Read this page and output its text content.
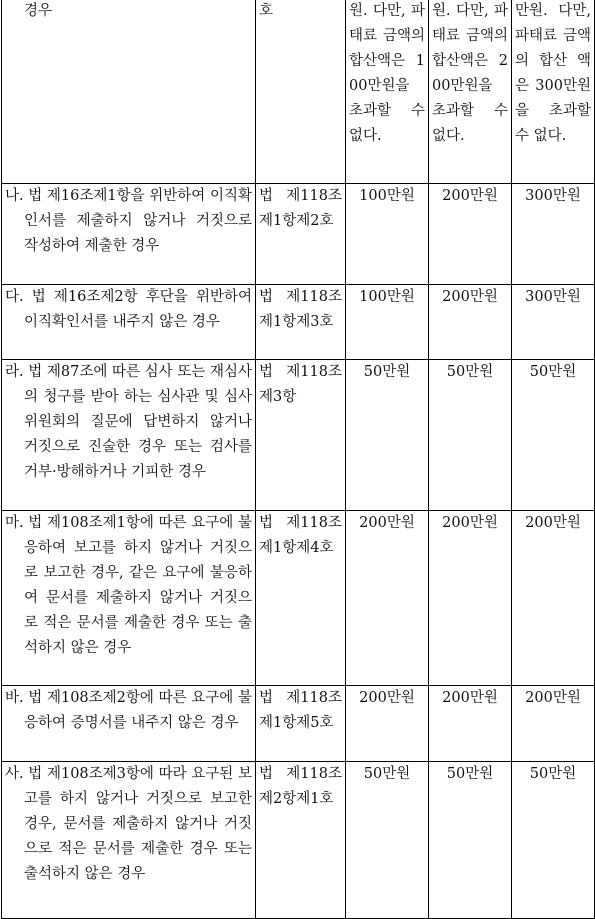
경우	호	원. 다만, 파태료 금액의 합산액은 100만원을 초과할 수 없다.	원. 다만, 파태료 금액의 합산액은 200만원을 초과할 수 없다.	만원. 다만, 파태료 금액의 합산 액 은 300만원을 초과할 수 없다.
나. 법 제16조제1항을 위반하여 이직확인서를 제출하지 않거나 거짓으로 작성하여 제출한 경우	법 제118조제1항제2호	100만원	200만원	300만원
다. 법 제16조제2항 후단을 위반하여 이직확인서를 내주지 않은 경우	법 제118조제1항제3호	100만원	200만원	300만원
라. 법 제87조에 따른 심사 또는 재심사의 청구를 받아 하는 심사관 및 심사위원회의 질문에 답변하지 않거나 거짓으로 진술한 경우 또는 검사를 거부·방해하거나 기피한 경우	법 제118조제3항	50만원	50만원	50만원
마. 법 제108조제1항에 따른 요구에 불응하여 보고를 하지 않거나 거짓으로 보고한 경우, 같은 요구에 불응하여 문서를 제출하지 않거나 거짓으로 적은 문서를 제출한 경우 또는 출석하지 않은 경우	법 제118조제1항제4호	200만원	200만원	200만원
바. 법 제108조제2항에 따른 요구에 불응하여 증명서를 내주지 않은 경우	법 제118조제1항제5호	200만원	200만원	200만원
사. 법 제108조제3항에 따라 요구된 보고를 하지 않거나 거짓으로 보고한 경우, 문서를 제출하지 않거나 거짓으로 적은 문서를 제출한 경우 또는 출석하지 않은 경우	법 제118조제2항제1호	50만원	50만원	50만원
